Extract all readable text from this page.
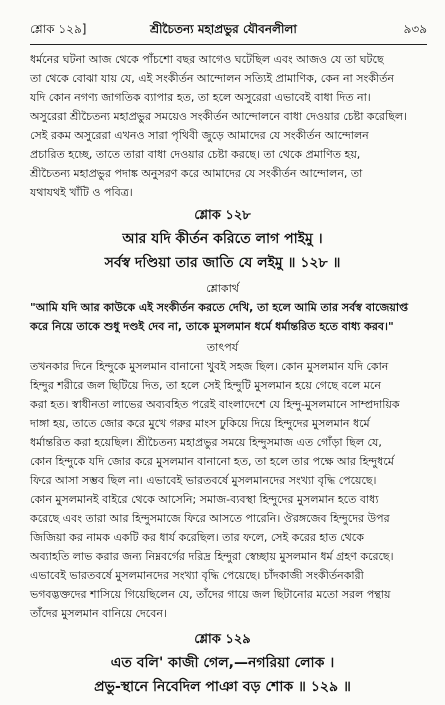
শ্লোক ১২৯]	শ্রীচৈতন্য মহাপ্রভুর যৌবনলীলা	৯৩৯
ধর্মনের ঘটনা আজ থেকে পাঁচশো বছর আগেও ঘটেছিল এবং আজও যে তা ঘটছে
তা থেকে বোঝা যায় যে, এই সংকীর্তন আন্দোলন সত্যিই প্রামাণিক, কেন না সংকীর্তন
যদি কোন নগণ্য জাগতিক ব্যাপার হত, তা হলে অসুরেরা এভাবেই বাধা দিত না।
অসুরেরা শ্রীচৈতন্য মহাপ্রভুর সময়েও সংকীর্তন আন্দোলনে বাধা দেওয়ার চেষ্টা করেছিল।
সেই রকম অসুরেরা এখনও সারা পৃথিবী জুড়ে আমাদের যে সংকীর্তন আন্দোলন
প্রচারিত হচ্ছে, তাতে তারা বাধা দেওয়ার চেষ্টা করছে। তা থেকে প্রমাণিত হয়,
শ্রীচৈতন্য মহাপ্রভুর পদাঙ্ক অনুসরণ করে আমাদের যে সংকীর্তন আন্দোলন, তা
যথাযথই খাঁটি ও পবিত্র।
শ্লোক ১২৮
আর যদি কীর্তন করিতে লাগ পাইমু ।
সর্বস্ব দণ্ডিয়া তার জাতি যে লইমু ॥ ১২৮ ॥
শ্লোকার্থ
"আমি যদি আর কাউকে এই সংকীর্তন করতে দেখি, তা হলে আমি তার সর্বস্ব বাজেয়াপ্ত
করে নিয়ে তাকে শুধু দণ্ডই দেব না, তাকে মুসলমান ধর্মে ধর্মান্তরিত হতে বাধ্য করব।"
তাৎপর্য
তখনকার দিনে হিন্দুকে মুসলমান বানানো খুবই সহজ ছিল। কোন মুসলমান যদি কোন
হিন্দুর শরীরে জল ছিটিয়ে দিত, তা হলে সেই হিন্দুটি মুসলমান হয়ে গেছে বলে মনে
করা হত। স্বাধীনতা লাভের অব্যবহিত পরেই বাংলাদেশে যে হিন্দু-মুসলমানে সাম্প্রদায়িক
দাঙ্গা হয়, তাতে জোর করে মুখে গরুর মাংস ঢুকিয়ে দিয়ে হিন্দুদের মুসলমান ধর্মে
ধর্মান্তরিত করা হয়েছিল। শ্রীচৈতন্য মহাপ্রভুর সময়ে হিন্দুসমাজ এত গোঁড়া ছিল যে,
কোন হিন্দুকে যদি জোর করে মুসলমান বানানো হত, তা হলে তার পক্ষে আর হিন্দুধর্মে
ফিরে আসা সম্ভব ছিল না। এভাবেই ভারতবর্ষে মুসলমানদের সংখ্যা বৃদ্ধি পেয়েছে।
কোন মুসলমানই বাইরে থেকে আসেনি; সমাজ-ব্যবস্থা হিন্দুদের মুসলমান হতে বাধ্য
করেছে এবং তারা আর হিন্দুসমাজে ফিরে আসতে পারেনি। ঔরঙ্গজেব হিন্দুদের উপর
জিজিয়া কর নামক একটি কর ধার্য করেছিল। তার ফলে, সেই করের হাত থেকে
অব্যাহতি লাভ করার জন্য নিম্নবর্গের দরিদ্র হিন্দুরা স্বেচ্ছায় মুসলমান ধর্ম গ্রহণ করেছে।
এভাবেই ভারতবর্ষে মুসলমানদের সংখ্যা বৃদ্ধি পেয়েছে। চাঁদকাজী সংকীর্তনকারী
ভগবদ্ভক্তদের শাসিয়ে গিয়েছিলেন যে, তাঁদের গায়ে জল ছিটানোর মতো সরল পন্থায়
তাঁদের মুসলমান বানিয়ে দেবেন।
শ্লোক ১২৯
এত বলি' কাজী গেল,—নগরিয়া লোক ।
প্রভু-স্থানে নিবেদিল পাঞা বড় শোক ॥ ১২৯ ॥
